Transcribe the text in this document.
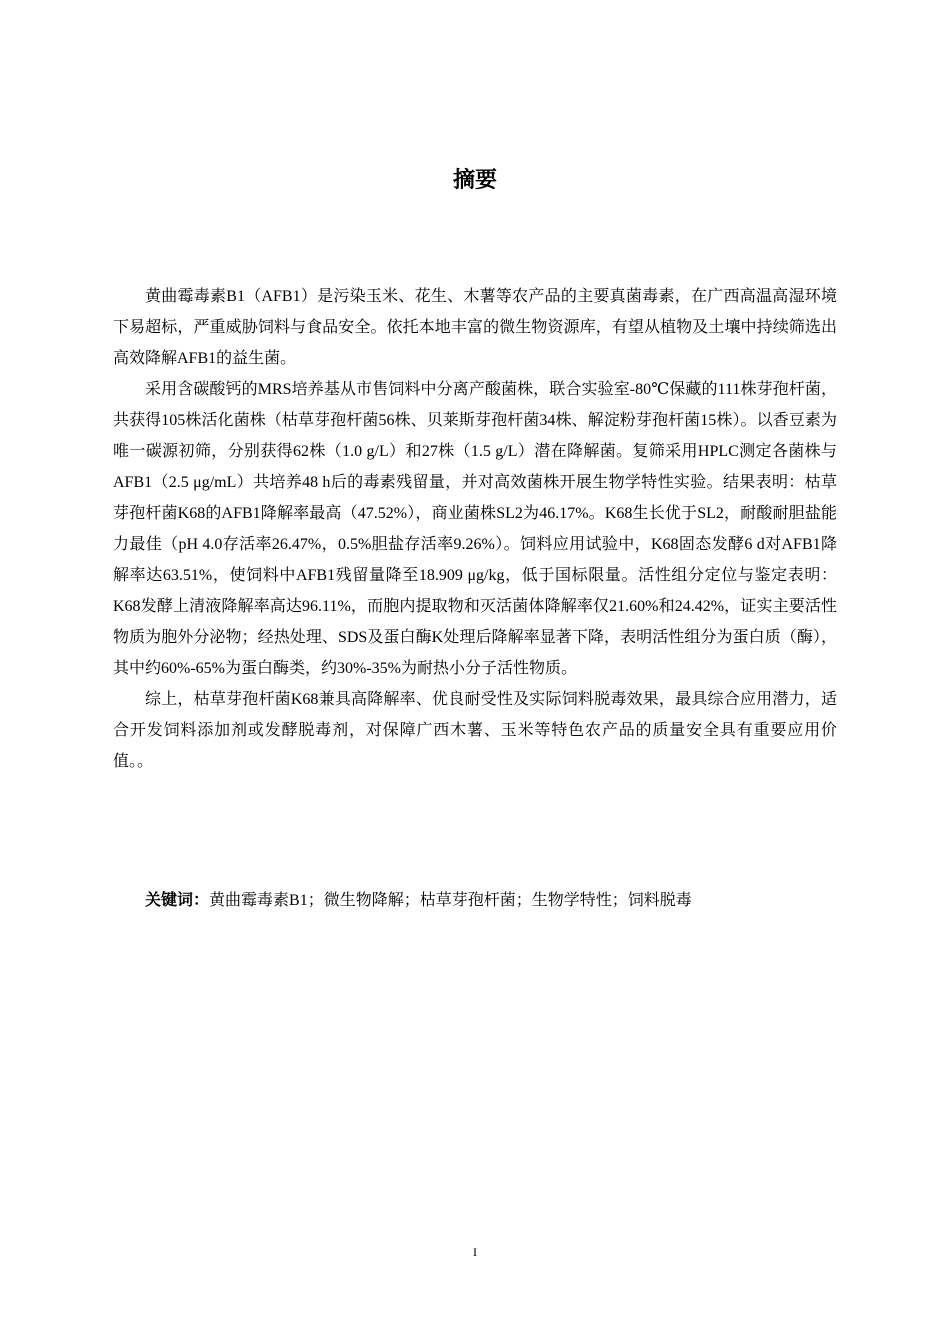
摘要

黄曲霉毒素B1（AFB1）是污染玉米、花生、木薯等农产品的主要真菌毒素，在广西高温高湿环境下易超标，严重威胁饲料与食品安全。依托本地丰富的微生物资源库，有望从植物及土壤中持续筛选出高效降解AFB1的益生菌。

采用含碳酸钙的MRS培养基从市售饲料中分离产酸菌株，联合实验室-80℃保藏的111株芽孢杆菌，共获得105株活化菌株（枯草芽孢杆菌56株、贝莱斯芽孢杆菌34株、解淀粉芽孢杆菌15株）。以香豆素为唯一碳源初筛，分别获得62株（1.0 g/L）和27株（1.5 g/L）潜在降解菌。复筛采用HPLC测定各菌株与AFB1（2.5 μg/mL）共培养48 h后的毒素残留量，并对高效菌株开展生物学特性实验。结果表明：枯草芽孢杆菌K68的AFB1降解率最高（47.52%），商业菌株SL2为46.17%。K68生长优于SL2，耐酸耐胆盐能力最佳（pH 4.0存活率26.47%，0.5%胆盐存活率9.26%）。饲料应用试验中，K68固态发酵6 d对AFB1降解率达63.51%，使饲料中AFB1残留量降至18.909 μg/kg，低于国标限量。活性组分定位与鉴定表明：K68发酵上清液降解率高达96.11%，而胞内提取物和灭活菌体降解率仅21.60%和24.42%，证实主要活性物质为胞外分泌物；经热处理、SDS及蛋白酶K处理后降解率显著下降，表明活性组分为蛋白质（酶），其中约60%-65%为蛋白酶类，约30%-35%为耐热小分子活性物质。

综上，枯草芽孢杆菌K68兼具高降解率、优良耐受性及实际饲料脱毒效果，最具综合应用潜力，适合开发饲料添加剂或发酵脱毒剂，对保障广西木薯、玉米等特色农产品的质量安全具有重要应用价值。。

关键词：黄曲霉毒素B1；微生物降解；枯草芽孢杆菌；生物学特性；饲料脱毒
I
